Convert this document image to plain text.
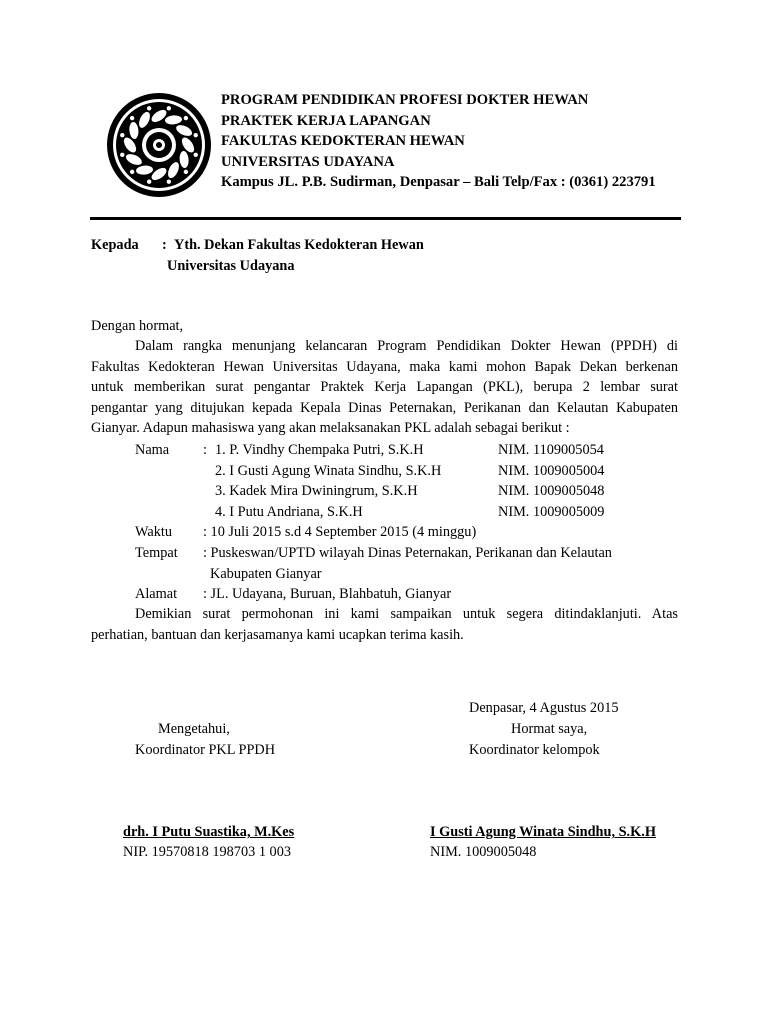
PROGRAM PENDIDIKAN PROFESI DOKTER HEWAN
PRAKTEK KERJA LAPANGAN
FAKULTAS KEDOKTERAN HEWAN
UNIVERSITAS UDAYANA
Kampus JL. P.B. Sudirman, Denpasar – Bali Telp/Fax : (0361) 223791
Kepada : Yth. Dekan Fakultas Kedokteran Hewan
Universitas Udayana
Dengan hormat,
Dalam rangka menunjang kelancaran Program Pendidikan Dokter Hewan (PPDH) di
Fakultas Kedokteran Hewan Universitas Udayana, maka kami mohon Bapak Dekan berkenan
untuk memberikan surat pengantar Praktek Kerja Lapangan (PKL), berupa 2 lembar surat
pengantar yang ditujukan kepada Kepala Dinas Peternakan, Perikanan dan Kelautan Kabupaten
Gianyar. Adapun mahasiswa yang akan melaksanakan PKL adalah sebagai berikut :
Nama : 1. P. Vindhy Chempaka Putri, S.K.H	NIM. 1109005054
2. I Gusti Agung Winata Sindhu, S.K.H	NIM. 1009005004
3. Kadek Mira Dwiningrum, S.K.H	NIM. 1009005048
4. I Putu Andriana, S.K.H	NIM. 1009005009
Waktu : 10 Juli 2015 s.d 4 September 2015 (4 minggu)
Tempat : Puskeswan/UPTD wilayah Dinas Peternakan, Perikanan dan Kelautan
Kabupaten Gianyar
Alamat : JL. Udayana, Buruan, Blahbatuh, Gianyar
Demikian surat permohonan ini kami sampaikan untuk segera ditindaklanjuti. Atas
perhatian, bantuan dan kerjasamanya kami ucapkan terima kasih.
Denpasar, 4 Agustus 2015
Hormat saya,
Koordinator kelompok
Mengetahui,
Koordinator PKL PPDH
drh. I Putu Suastika, M.Kes
NIP. 19570818 198703 1 003
I Gusti Agung Winata Sindhu, S.K.H
NIM. 1009005048
